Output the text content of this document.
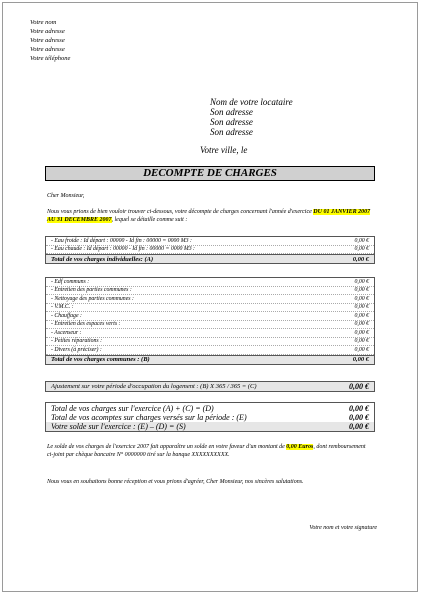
Votre nom
Votre adresse
Votre adresse
Votre adresse
Votre téléphone
Nom de votre locataire
Son adresse
Son adresse
Son adresse
Votre ville, le
DECOMPTE DE CHARGES
Cher Monsieur,
Nous vous prions de bien vouloir trouver ci-dessous, votre décompte de charges concernant l'année d'exercice DU 01 JANVIER 2007 AU 31 DECEMBRE 2007, lequel se détaille comme suit :
- Eau froide : Id départ : 00000 - Id fin : 00000 = 0000 M3 :	0,00 €
- Eau chaude : Id départ : 00000 - Id fin : 00000 = 0000 M3 :	0,00 €
Total de vos charges individuelles: (A)	0,00 €
- Edf communs :	0,00 €
- Entretien des parties communes :	0,00 €
- Nettoyage des parties communes :	0,00 €
- V.M.C. :	0,00 €
- Chauffage :	0,00 €
- Entretien des espaces verts :	0,00 €
- Ascenseur :	0,00 €
- Petites réparations :	0,00 €
- Divers (à préciser) :	0,00 €
Total de vos charges communes : (B)	0,00 €
Ajustement sur votre période d'occupation du logement : (B) X 365 / 365 = (C)	0,00 €
Total de vos charges sur l'exercice (A) + (C) = (D)	0,00 €
Total de vos acomptes sur charges versés sur la période : (E)	0,00 €
Votre solde sur l'exercice : (E) – (D) = (S)	0,00 €
Le solde de vos charges de l'exercice 2007 fait apparaître un solde en votre faveur d'un montant de 0,00 Euros, dont remboursement ci-joint par chèque bancaire N° 0000000 tiré sur la banque XXXXXXXXXX.
Nous vous en souhaitons bonne réception et vous prions d'agréer, Cher Monsieur, nos sincères salutations.
Votre nom et votre signature
